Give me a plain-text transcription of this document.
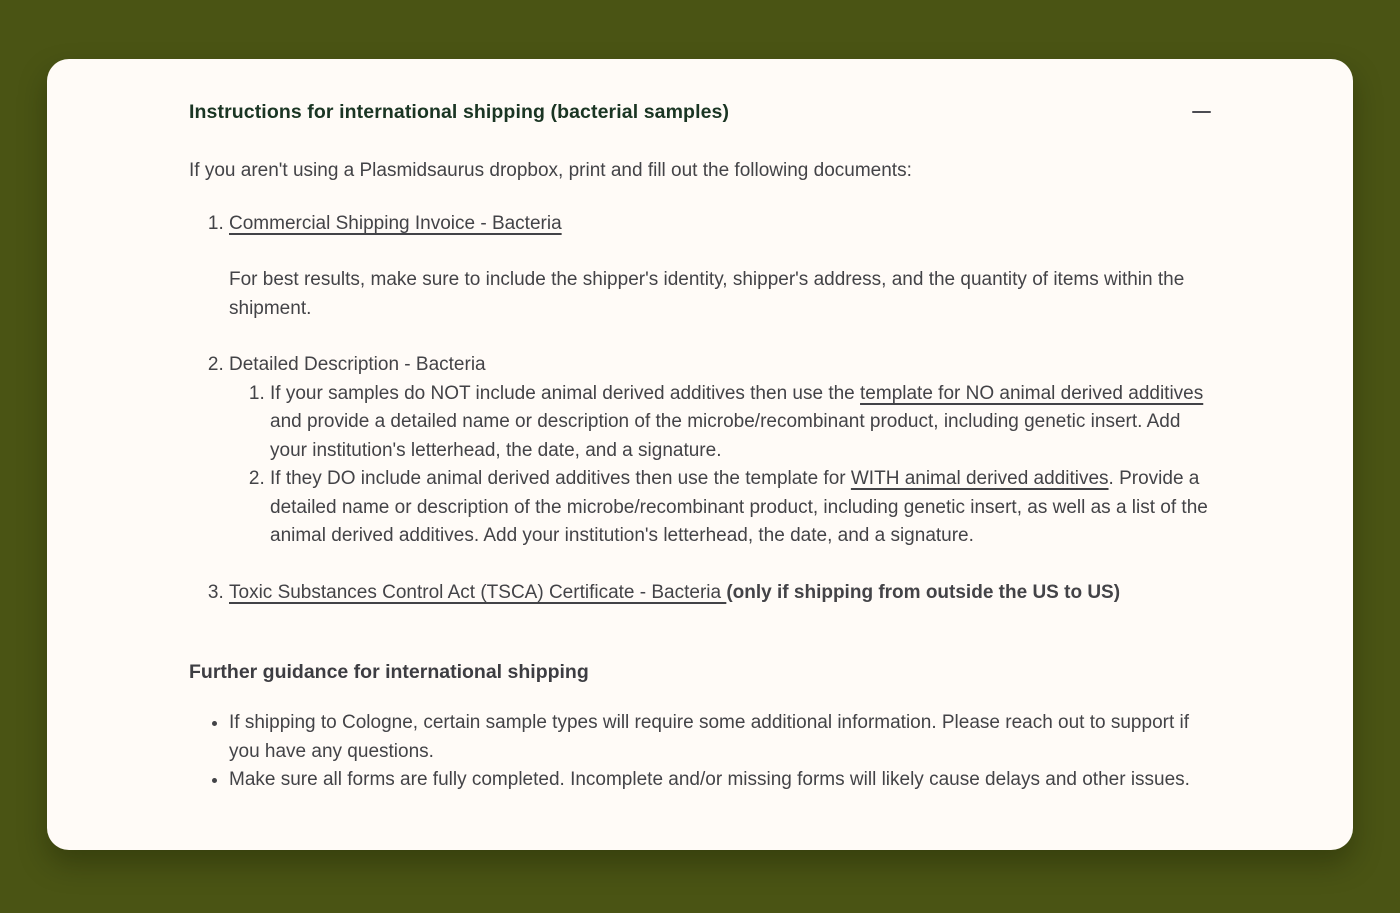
Instructions for international shipping (bacterial samples)

If you aren't using a Plasmidsaurus dropbox, print and fill out the following documents:

1. Commercial Shipping Invoice - Bacteria

For best results, make sure to include the shipper's identity, shipper's address, and the quantity of items within the shipment.

2. Detailed Description - Bacteria
1. If your samples do NOT include animal derived additives then use the template for NO animal derived additives and provide a detailed name or description of the microbe/recombinant product, including genetic insert. Add your institution's letterhead, the date, and a signature.
2. If they DO include animal derived additives then use the template for WITH animal derived additives. Provide a detailed name or description of the microbe/recombinant product, including genetic insert, as well as a list of the animal derived additives. Add your institution's letterhead, the date, and a signature.
3. Toxic Substances Control Act (TSCA) Certificate - Bacteria (only if shipping from outside the US to US)
Further guidance for international shipping
• If shipping to Cologne, certain sample types will require some additional information. Please reach out to support if you have any questions.
• Make sure all forms are fully completed. Incomplete and/or missing forms will likely cause delays and other issues.
